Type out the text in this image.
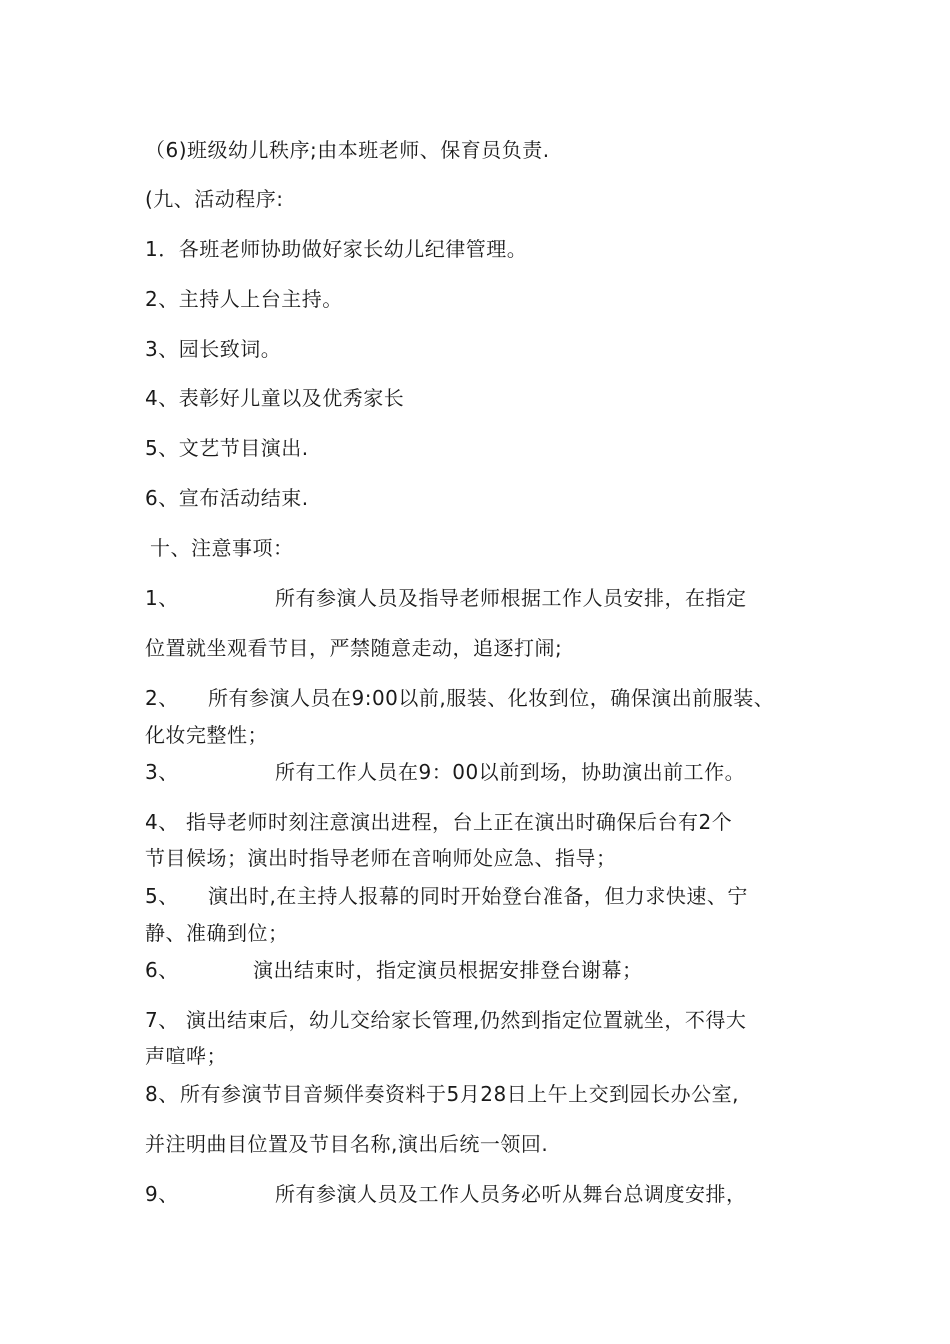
（6)班级幼儿秩序;由本班老师、保育员负责.
(九、活动程序:
1．各班老师协助做好家长幼儿纪律管理。
2、主持人上台主持。
3、园长致词。
4、表彰好儿童以及优秀家长
5、文艺节目演出.
6、宣布活动结束.
十、注意事项：
1、	所有参演人员及指导老师根据工作人员安排，在指定
位置就坐观看节目，严禁随意走动，追逐打闹;
2、 所有参演人员在9:00以前,服装、化妆到位，确保演出前服装、
化妆完整性；
3、	所有工作人员在9：00以前到场，协助演出前工作。
4、 指导老师时刻注意演出进程，台上正在演出时确保后台有2个
节目候场；演出时指导老师在音响师处应急、指导；
5、 演出时,在主持人报幕的同时开始登台准备，但力求快速、宁
静、准确到位；
6、	演出结束时，指定演员根据安排登台谢幕；
7、 演出结束后，幼儿交给家长管理,仍然到指定位置就坐，不得大
声喧哗；
8、 所有参演节目音频伴奏资料于5月28日上午上交到园长办公室,
并注明曲目位置及节目名称,演出后统一领回.
9、	所有参演人员及工作人员务必听从舞台总调度安排，
